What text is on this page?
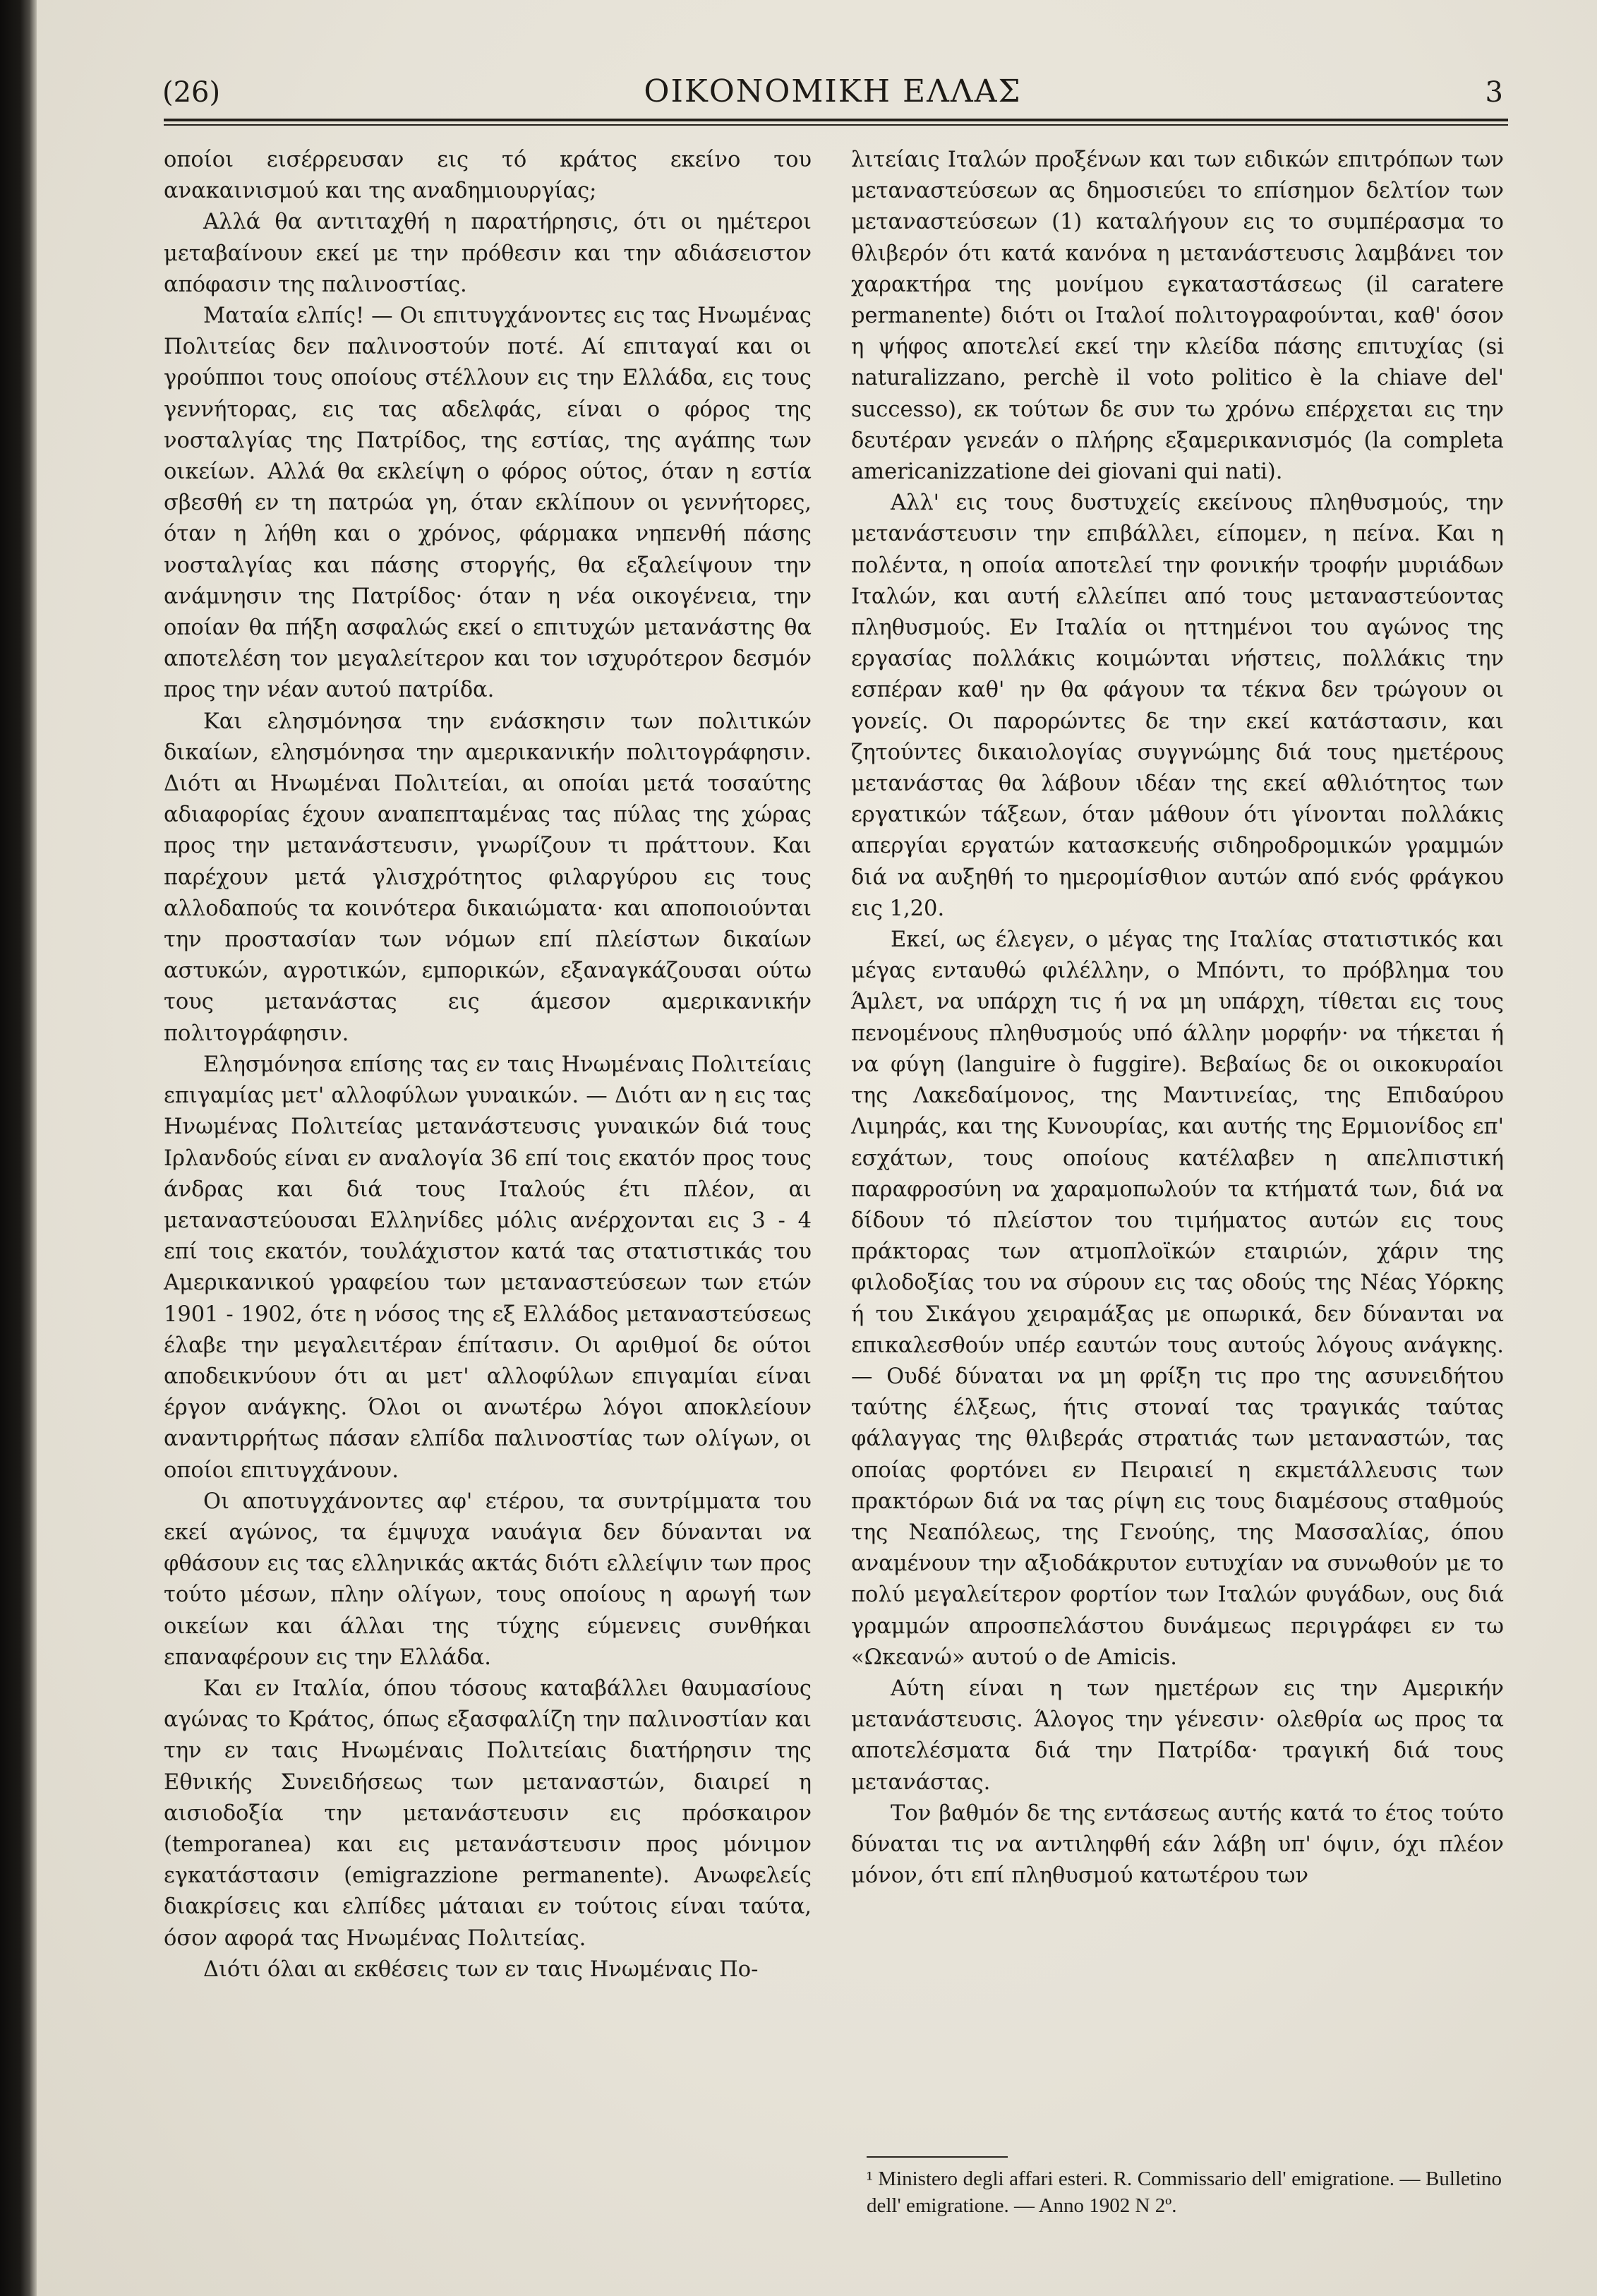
(26)	ΟΙΚΟΝΟΜΙΚΗ ΕΛΛΑΣ	3

οποίοι εισέρρευσαν εις τό κράτος εκείνο του ανακαινισμού και της αναδημιουργίας;

Αλλά θα αντιταχθή η παρατήρησις, ότι οι ημέτεροι μεταβαίνουν εκεί με την πρόθεσιν και την αδιάσειστον απόφασιν της παλινοστίας.

Ματαία ελπίς! — Οι επιτυγχάνοντες εις τας Ηνωμένας Πολιτείας δεν παλινοστούν ποτέ. Αί επιταγαί και οι γρούπποι τους οποίους στέλλουν εις την Ελλάδα, εις τους γεννήτορας, εις τας αδελφάς, είναι ο φόρος της νοσταλγίας της Πατρίδος, της εστίας, της αγάπης των οικείων. Αλλά θα εκλείψη ο φόρος ούτος, όταν η εστία σβεσθή εν τη πατρώα γη, όταν εκλίπουν οι γεννήτορες, όταν η λήθη και ο χρόνος, φάρμακα νηπενθή πάσης νοσταλγίας και πάσης στοργής, θα εξαλείψουν την ανάμνησιν της Πατρίδος· όταν η νέα οικογένεια, την οποίαν θα πήξη ασφαλώς εκεί ο επιτυχών μετανάστης θα αποτελέση τον μεγαλείτερον και τον ισχυρότερον δεσμόν προς την νέαν αυτού πατρίδα.

Και ελησμόνησα την ενάσκησιν των πολιτικών δικαίων, ελησμόνησα την αμερικανικήν πολιτογράφησιν. Διότι αι Ηνωμέναι Πολιτείαι, αι οποίαι μετά τοσαύτης αδιαφορίας έχουν αναπεπταμένας τας πύλας της χώρας προς την μετανάστευσιν, γνωρίζουν τι πράττουν. Και παρέχουν μετά γλισχρότητος φιλαργύρου εις τους αλλοδαπούς τα κοινότερα δικαιώματα· και αποποιούνται την προστασίαν των νόμων επί πλείστων δικαίων αστυκών, αγροτικών, εμπορικών, εξαναγκάζουσαι ούτω τους μετανάστας εις άμεσον αμερικανικήν πολιτογράφησιν.

Ελησμόνησα επίσης τας εν ταις Ηνωμέναις Πολιτείαις επιγαμίας μετ' αλλοφύλων γυναικών. — Διότι αν η εις τας Ηνωμένας Πολιτείας μετανάστευσις γυναικών διά τους Ιρλανδούς είναι εν αναλογία 36 επί τοις εκατόν προς τους άνδρας και διά τους Ιταλούς έτι πλέον, αι μεταναστεύουσαι Ελληνίδες μόλις ανέρχονται εις 3 - 4 επί τοις εκατόν, τουλάχιστον κατά τας στατιστικάς του Αμερικανικού γραφείου των μεταναστεύσεων των ετών 1901 - 1902, ότε η νόσος της εξ Ελλάδος μεταναστεύσεως έλαβε την μεγαλειτέραν έπίτασιν. Οι αριθμοί δε ούτοι αποδεικνύουν ότι αι μετ' αλλοφύλων επιγαμίαι είναι έργον ανάγκης. Όλοι οι ανωτέρω λόγοι αποκλείουν αναντιρρήτως πάσαν ελπίδα παλινοστίας των ολίγων, οι οποίοι επιτυγχάνουν.

Οι αποτυγχάνοντες αφ' ετέρου, τα συντρίμματα του εκεί αγώνος, τα έμψυχα ναυάγια δεν δύνανται να φθάσουν εις τας ελληνικάς ακτάς διότι ελλείψιν των προς τούτο μέσων, πλην ολίγων, τους οποίους η αρωγή των οικείων και άλλαι της τύχης εύμενεις συνθήκαι επαναφέρουν εις την Ελλάδα.

Και εν Ιταλία, όπου τόσους καταβάλλει θαυμασίους αγώνας το Κράτος, όπως εξασφαλίζη την παλινοστίαν και την εν ταις Ηνωμέναις Πολιτείαις διατήρησιν της Εθνικής Συνειδήσεως των μεταναστών, διαιρεί η αισιοδοξία την μετανάστευσιν εις πρόσκαιρον (temporanea) και εις μετανάστευσιν προς μόνιμον εγκατάστασιν (emigrazzione permanente). Ανωφελείς διακρίσεις και ελπίδες μάταιαι εν τούτοις είναι ταύτα, όσον αφορά τας Ηνωμένας Πολιτείας.

Διότι όλαι αι εκθέσεις των εν ταις Ηνωμέναις Πο-

λιτείαις Ιταλών προξένων και των ειδικών επιτρόπων των μεταναστεύσεων ας δημοσιεύει το επίσημον δελτίον των μεταναστεύσεων (1) καταλήγουν εις το συμπέρασμα το θλιβερόν ότι κατά κανόνα η μετανάστευσις λαμβάνει τον χαρακτήρα της μονίμου εγκαταστάσεως (il caratere permanente) διότι οι Ιταλοί πολιτογραφούνται, καθ' όσον η ψήφος αποτελεί εκεί την κλείδα πάσης επιτυχίας (si naturalizzano, perchè il voto politico è la chiave del' successo), εκ τούτων δε συν τω χρόνω επέρχεται εις την δευτέραν γενεάν ο πλήρης εξαμερικανισμός (la completa americanizzatione dei giovani qui nati).

Αλλ' εις τους δυστυχείς εκείνους πληθυσμούς, την μετανάστευσιν την επιβάλλει, είπομεν, η πείνα. Και η πολέντα, η οποία αποτελεί την φονικήν τροφήν μυριάδων Ιταλών, και αυτή ελλείπει από τους μεταναστεύοντας πληθυσμούς. Εν Ιταλία οι ηττημένοι του αγώνος της εργασίας πολλάκις κοιμώνται νήστεις, πολλάκις την εσπέραν καθ' ην θα φάγουν τα τέκνα δεν τρώγουν οι γονείς. Οι παρορώντες δε την εκεί κατάστασιν, και ζητούντες δικαιολογίας συγγνώμης διά τους ημετέρους μετανάστας θα λάβουν ιδέαν της εκεί αθλιότητος των εργατικών τάξεων, όταν μάθουν ότι γίνονται πολλάκις απεργίαι εργατών κατασκευής σιδηροδρομικών γραμμών διά να αυξηθή το ημερομίσθιον αυτών από ενός φράγκου εις 1,20.

Εκεί, ως έλεγεν, ο μέγας της Ιταλίας στατιστικός και μέγας ενταυθώ φιλέλλην, ο Μπόντι, το πρόβλημα του Άμλετ, να υπάρχη τις ή να μη υπάρχη, τίθεται εις τους πενομένους πληθυσμούς υπό άλλην μορφήν· να τήκεται ή να φύγη (languire ò fuggire). Βεβαίως δε οι οικοκυραίοι της Λακεδαίμονος, της Μαντινείας, της Επιδαύρου Λιμηράς, και της Κυνουρίας, και αυτής της Ερμιονίδος επ' εσχάτων, τους οποίους κατέλαβεν η απελπιστική παραφροσύνη να χαραμοπωλούν τα κτήματά των, διά να δίδουν τό πλείστον του τιμήματος αυτών εις τους πράκτορας των ατμοπλοϊκών εταιριών, χάριν της φιλοδοξίας του να σύρουν εις τας οδούς της Νέας Υόρκης ή του Σικάγου χειραμάξας με οπωρικά, δεν δύνανται να επικαλεσθούν υπέρ εαυτών τους αυτούς λόγους ανάγκης. — Ουδέ δύναται να μη φρίξη τις προ της ασυνειδήτου ταύτης έλξεως, ήτις στοναί τας τραγικάς ταύτας φάλαγγας της θλιβεράς στρατιάς των μεταναστών, τας οποίας φορτόνει εν Πειραιεί η εκμετάλλευσις των πρακτόρων διά να τας ρίψη εις τους διαμέσους σταθμούς της Νεαπόλεως, της Γενούης, της Μασσαλίας, όπου αναμένουν την αξιοδάκρυτον ευτυχίαν να συνωθούν με το πολύ μεγαλείτερον φορτίον των Ιταλών φυγάδων, ους διά γραμμών απροσπελάστου δυνάμεως περιγράφει εν τω «Ωκεανώ» αυτού ο de Amicis.

Αύτη είναι η των ημετέρων εις την Αμερικήν μετανάστευσις. Άλογος την γένεσιν· ολεθρία ως προς τα αποτελέσματα διά την Πατρίδα· τραγική διά τους μετανάστας.

Τον βαθμόν δε της εντάσεως αυτής κατά το έτος τούτο δύναται τις να αντιληφθή εάν λάβη υπ' όψιν, όχι πλέον μόνον, ότι επί πληθυσμού κατωτέρου των

¹ Ministero degli affari esteri. R. Commissario dell' emigratione. — Bulletino dell' emigratione. — Anno 1902 N 2º.
